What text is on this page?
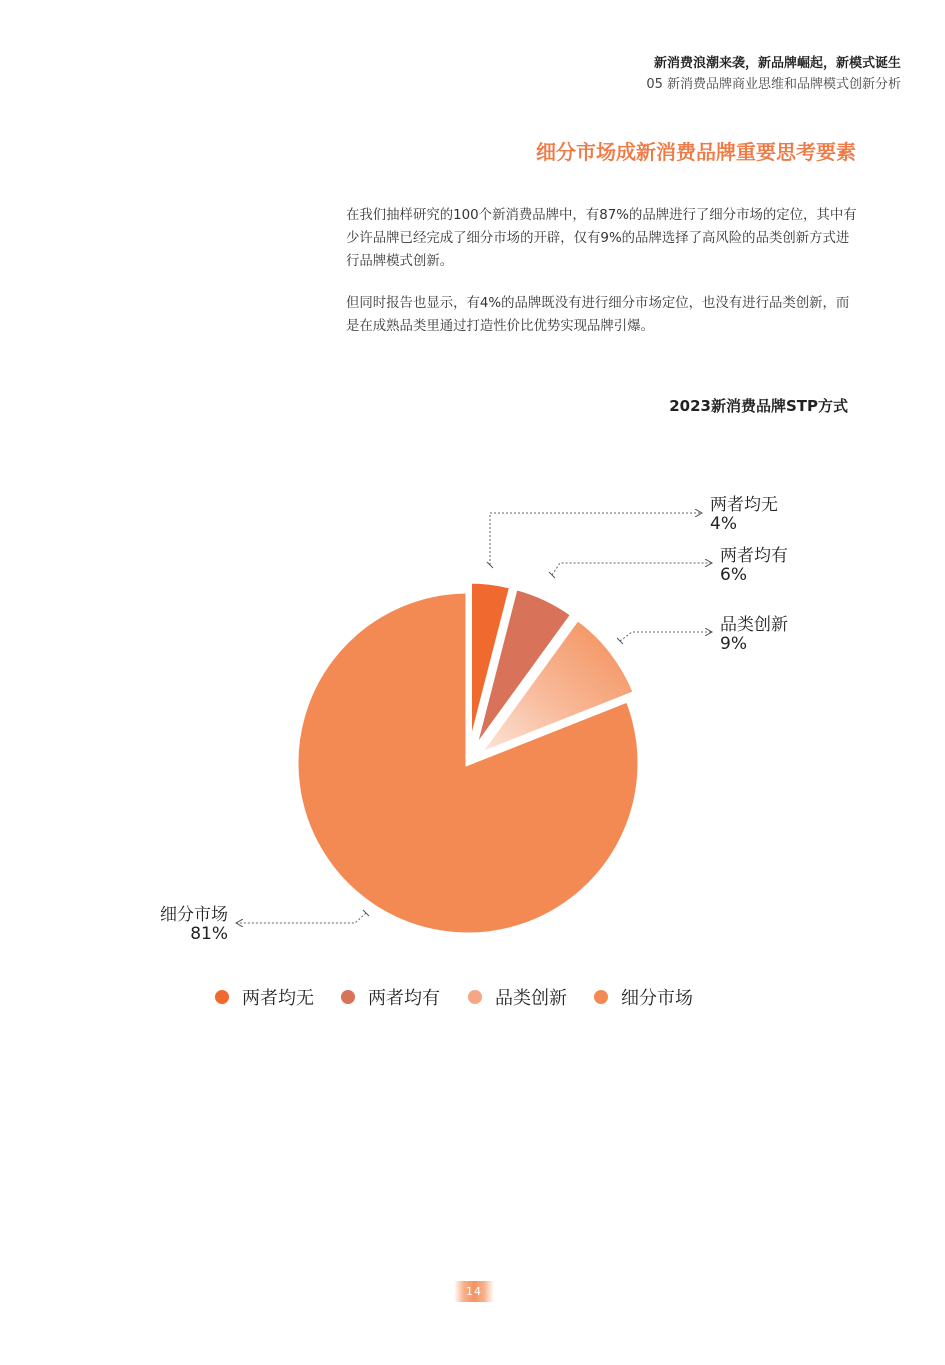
新消费浪潮来袭，新品牌崛起，新模式诞生
05 新消费品牌商业思维和品牌模式创新分析
细分市场成新消费品牌重要思考要素

在我们抽样研究的100个新消费品牌中，有87%的品牌进行了细分市场的定位，其中有少许品牌已经完成了细分市场的开辟，仅有9%的品牌选择了高风险的品类创新方式进行品牌模式创新。

但同时报告也显示，有4%的品牌既没有进行细分市场定位，也没有进行品类创新，而是在成熟品类里通过打造性价比优势实现品牌引爆。

2023新消费品牌STP方式
两者均无
4%
两者均有
6%
品类创新
9%
细分市场
81%
两者均无	两者均有	品类创新	细分市场
14
